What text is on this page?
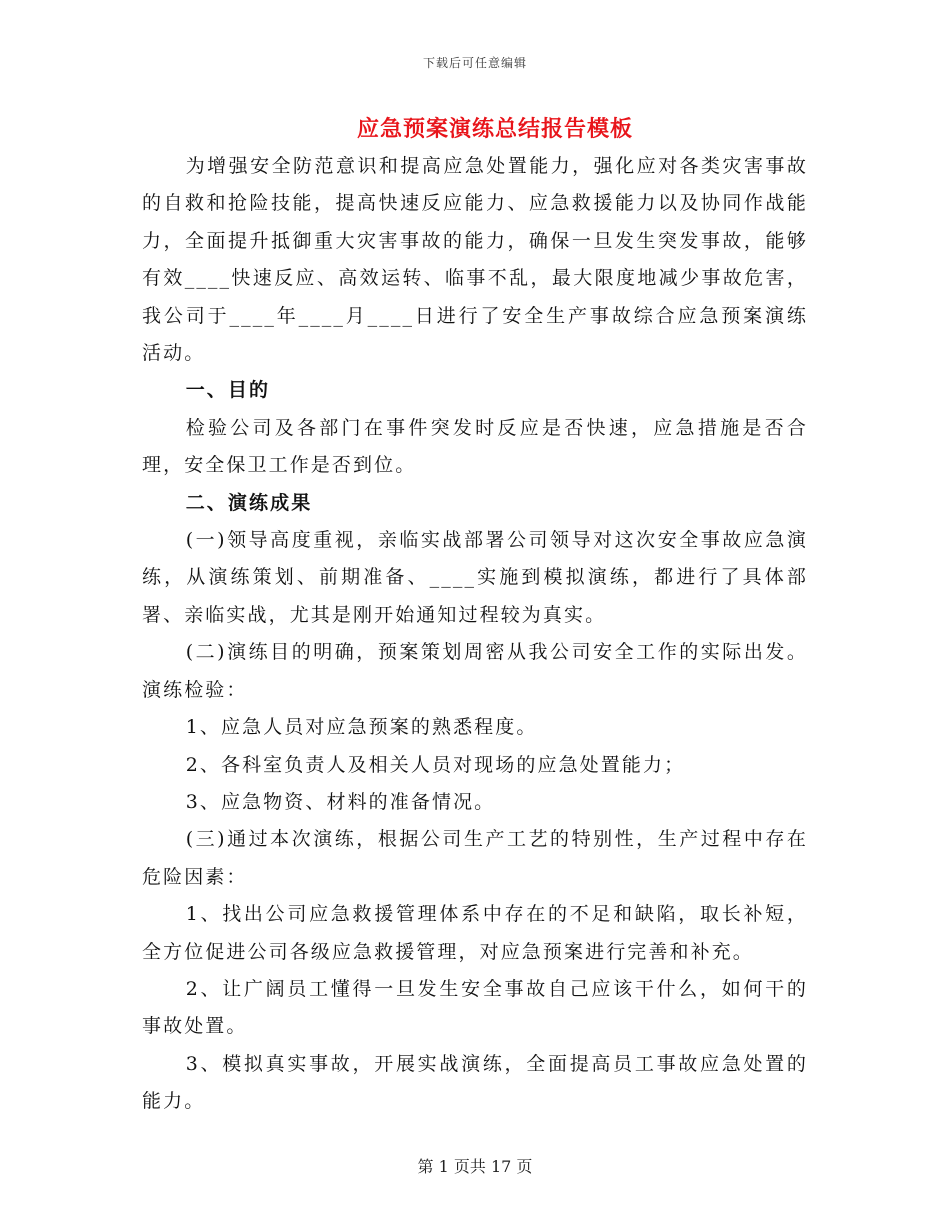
下载后可任意编辑
应急预案演练总结报告模板

为增强安全防范意识和提高应急处置能力，强化应对各类灾害事故的自救和抢险技能，提高快速反应能力、应急救援能力以及协同作战能力，全面提升抵御重大灾害事故的能力，确保一旦发生突发事故，能够有效____快速反应、高效运转、临事不乱，最大限度地减少事故危害，我公司于____年____月____日进行了安全生产事故综合应急预案演练活动。

一、目的

检验公司及各部门在事件突发时反应是否快速，应急措施是否合理，安全保卫工作是否到位。

二、演练成果

(一)领导高度重视，亲临实战部署公司领导对这次安全事故应急演练，从演练策划、前期准备、____实施到模拟演练，都进行了具体部署、亲临实战，尤其是刚开始通知过程较为真实。

(二)演练目的明确，预案策划周密从我公司安全工作的实际出发。演练检验：

1、应急人员对应急预案的熟悉程度。

2、各科室负责人及相关人员对现场的应急处置能力；

3、应急物资、材料的准备情况。

(三)通过本次演练，根据公司生产工艺的特别性，生产过程中存在危险因素：

1、找出公司应急救援管理体系中存在的不足和缺陷，取长补短，全方位促进公司各级应急救援管理，对应急预案进行完善和补充。

2、让广阔员工懂得一旦发生安全事故自己应该干什么，如何干的事故处置。

3、模拟真实事故，开展实战演练，全面提高员工事故应急处置的能力。

第 1 页共 17 页
